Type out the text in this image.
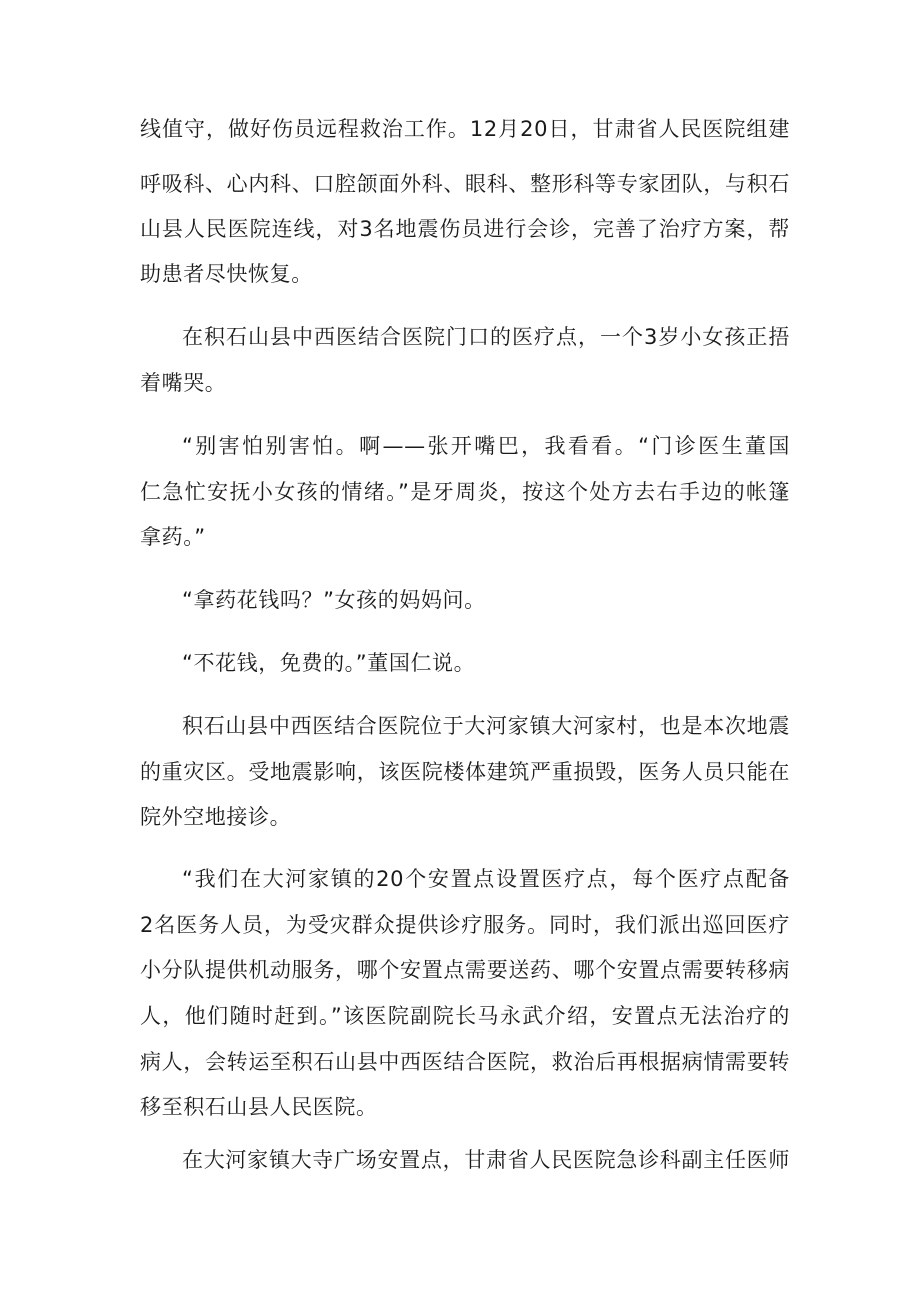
线值守，做好伤员远程救治工作。12月20日，甘肃省人民医院组建
呼吸科、心内科、口腔颌面外科、眼科、整形科等专家团队，与积石
山县人民医院连线，对3名地震伤员进行会诊，完善了治疗方案，帮
助患者尽快恢复。
在积石山县中西医结合医院门口的医疗点，一个3岁小女孩正捂
着嘴哭。
“别害怕别害怕。啊——张开嘴巴，我看看。“门诊医生董国
仁急忙安抚小女孩的情绪。”是牙周炎，按这个处方去右手边的帐篷
拿药。”
“拿药花钱吗？”女孩的妈妈问。
“不花钱，免费的。”董国仁说。
积石山县中西医结合医院位于大河家镇大河家村，也是本次地震
的重灾区。受地震影响，该医院楼体建筑严重损毁，医务人员只能在
院外空地接诊。
“我们在大河家镇的20个安置点设置医疗点，每个医疗点配备
2名医务人员，为受灾群众提供诊疗服务。同时，我们派出巡回医疗
小分队提供机动服务，哪个安置点需要送药、哪个安置点需要转移病
人，他们随时赶到。”该医院副院长马永武介绍，安置点无法治疗的
病人，会转运至积石山县中西医结合医院，救治后再根据病情需要转
移至积石山县人民医院。
在大河家镇大寺广场安置点，甘肃省人民医院急诊科副主任医师
